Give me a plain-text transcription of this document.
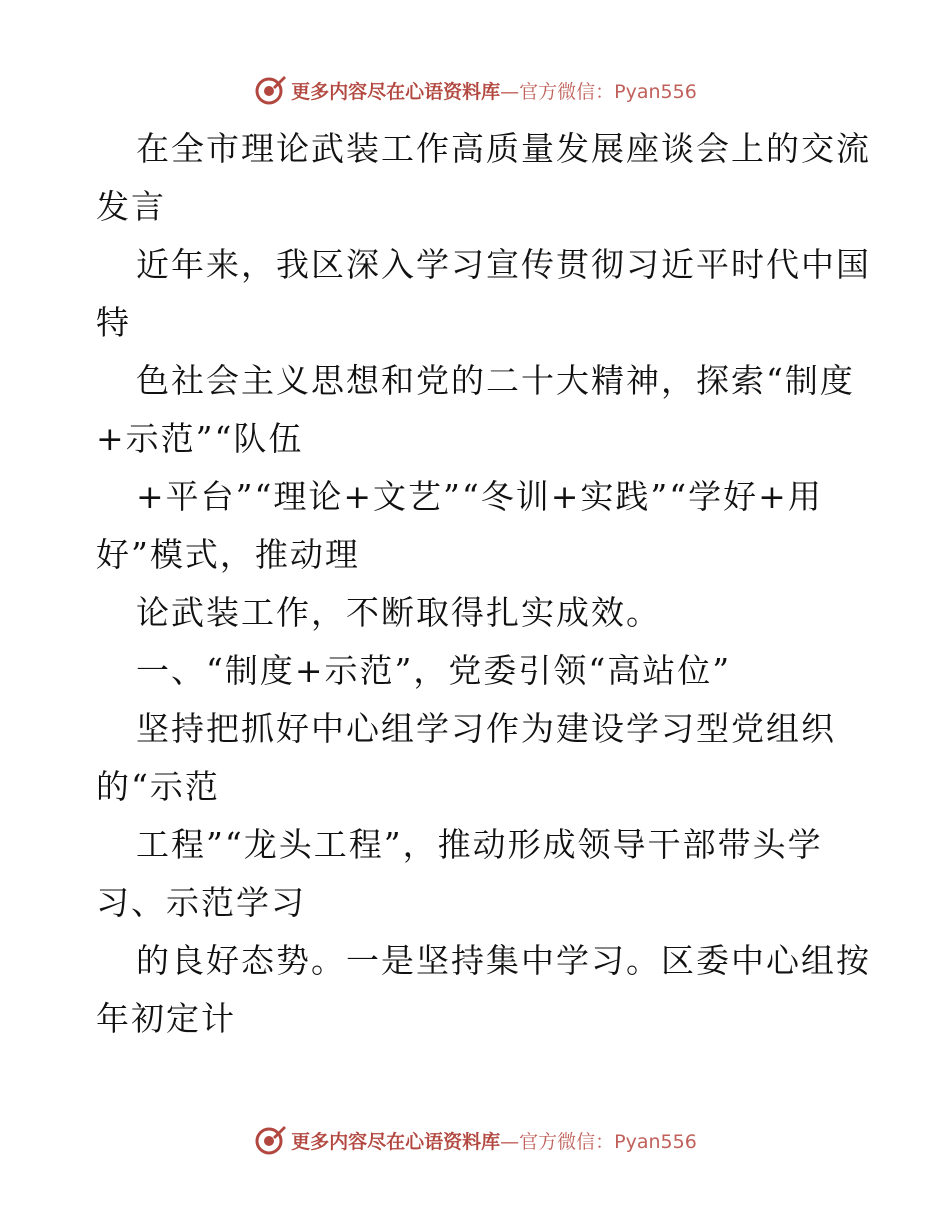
更多内容尽在心语资料库—官方微信：Pyan556
在全市理论武装工作高质量发展座谈会上的交流
发言
近年来，我区深入学习宣传贯彻习近平时代中国
特
色社会主义思想和党的二十大精神，探索“制度
+示范”“队伍
+平台”“理论+文艺”“冬训+实践”“学好+用
好”模式，推动理
论武装工作，不断取得扎实成效。
一、“制度+示范”，党委引领“高站位”
坚持把抓好中心组学习作为建设学习型党组织
的“示范
工程”“龙头工程”，推动形成领导干部带头学
习、示范学习
的良好态势。一是坚持集中学习。区委中心组按
年初定计
更多内容尽在心语资料库—官方微信：Pyan556
